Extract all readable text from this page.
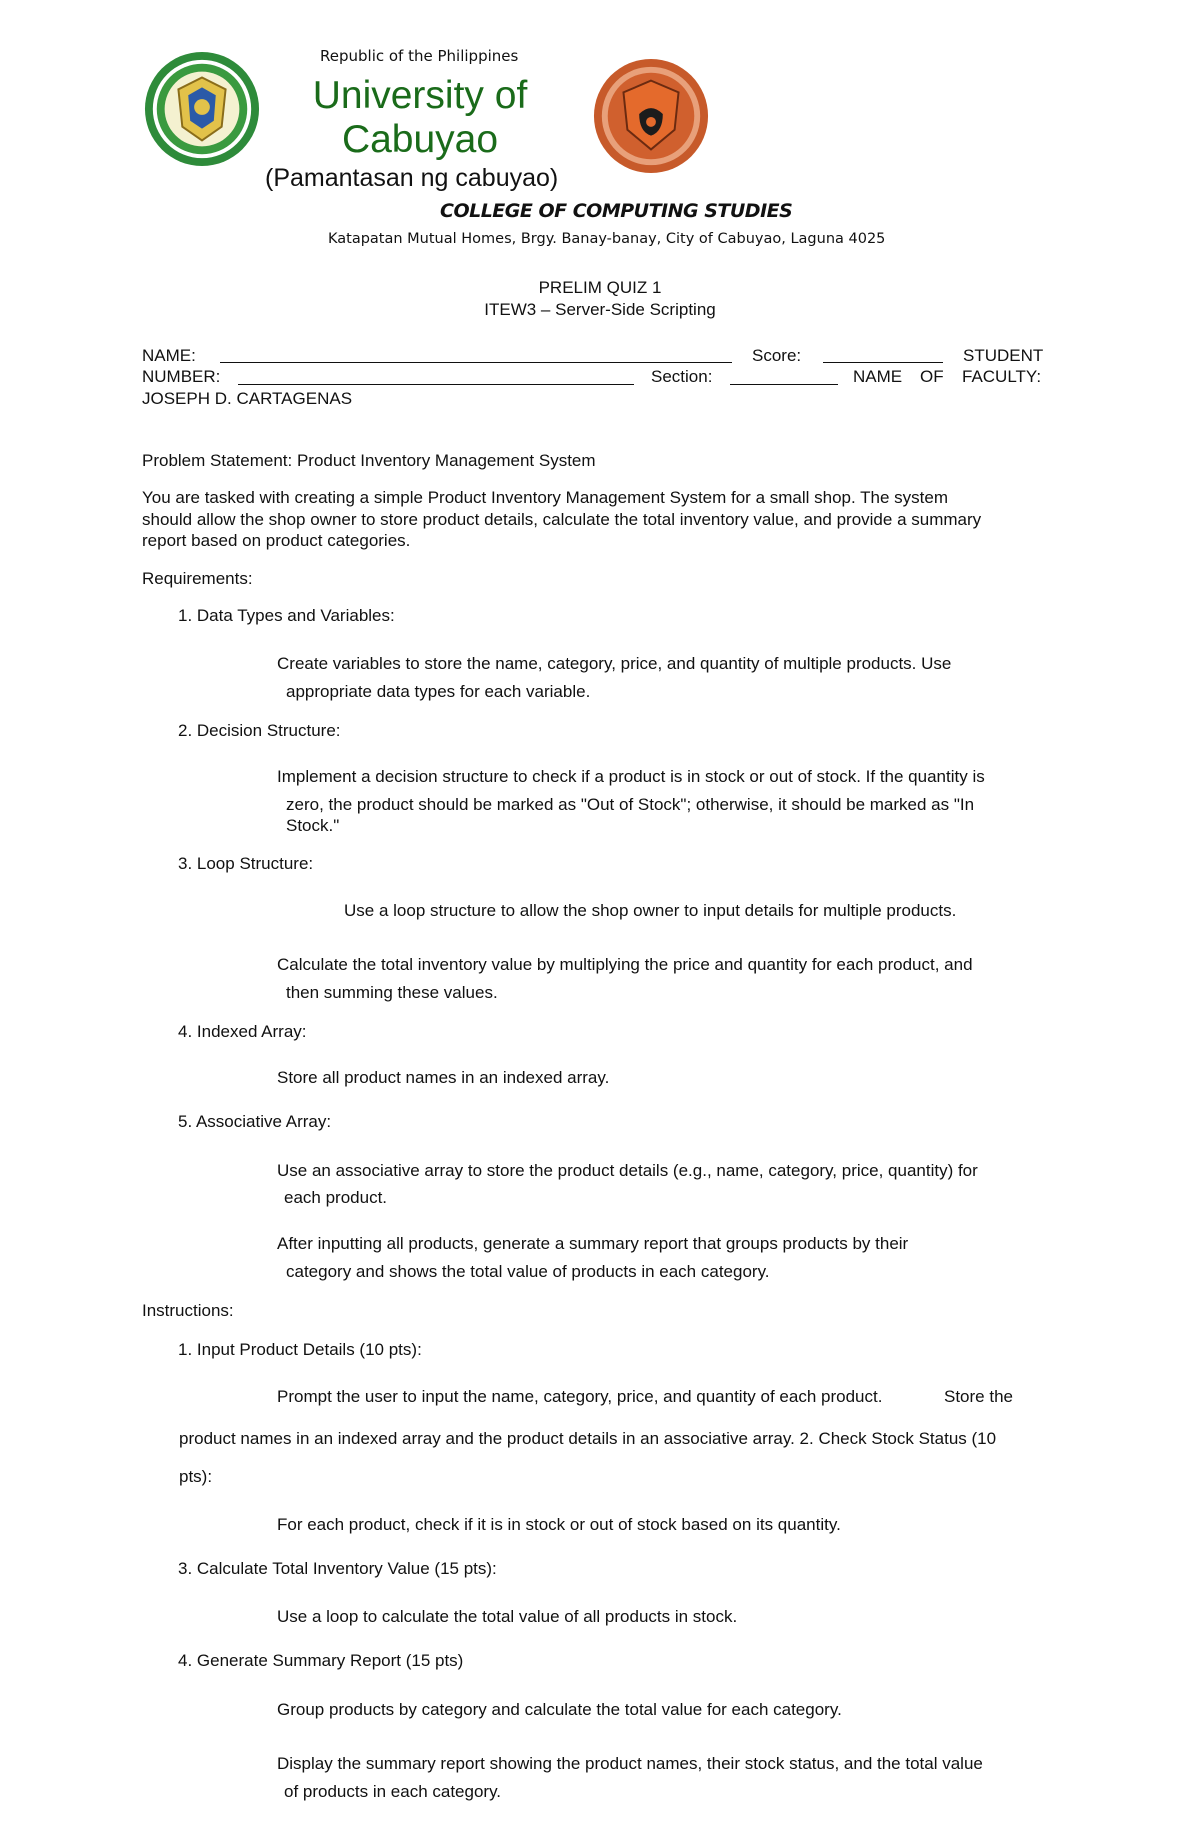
Republic of the Philippines
University of Cabuyao
(Pamantasan ng cabuyao)
COLLEGE OF COMPUTING STUDIES
Katapatan Mutual Homes, Brgy. Banay-banay, City of Cabuyao, Laguna 4025
PRELIM QUIZ 1
ITEW3 – Server-Side Scripting
NAME:	Score:	STUDENT
NUMBER:	Section:	NAME OF FACULTY:
JOSEPH D. CARTAGENAS
Problem Statement: Product Inventory Management System
You are tasked with creating a simple Product Inventory Management System for a small shop. The system
should allow the shop owner to store product details, calculate the total inventory value, and provide a summary
report based on product categories.
Requirements:
1. Data Types and Variables:
Create variables to store the name, category, price, and quantity of multiple products. Use
appropriate data types for each variable.
2. Decision Structure:
Implement a decision structure to check if a product is in stock or out of stock. If the quantity is
zero, the product should be marked as "Out of Stock"; otherwise, it should be marked as "In
Stock."
3. Loop Structure:
Use a loop structure to allow the shop owner to input details for multiple products.
Calculate the total inventory value by multiplying the price and quantity for each product, and
then summing these values.
4. Indexed Array:
Store all product names in an indexed array.
5. Associative Array:
Use an associative array to store the product details (e.g., name, category, price, quantity) for
each product.
After inputting all products, generate a summary report that groups products by their
category and shows the total value of products in each category.
Instructions:
1. Input Product Details (10 pts):
Prompt the user to input the name, category, price, and quantity of each product.	Store the
product names in an indexed array and the product details in an associative array. 2. Check Stock Status (10
pts):
For each product, check if it is in stock or out of stock based on its quantity.
3. Calculate Total Inventory Value (15 pts):
Use a loop to calculate the total value of all products in stock.
4. Generate Summary Report (15 pts)
Group products by category and calculate the total value for each category.
Display the summary report showing the product names, their stock status, and the total value
of products in each category.
